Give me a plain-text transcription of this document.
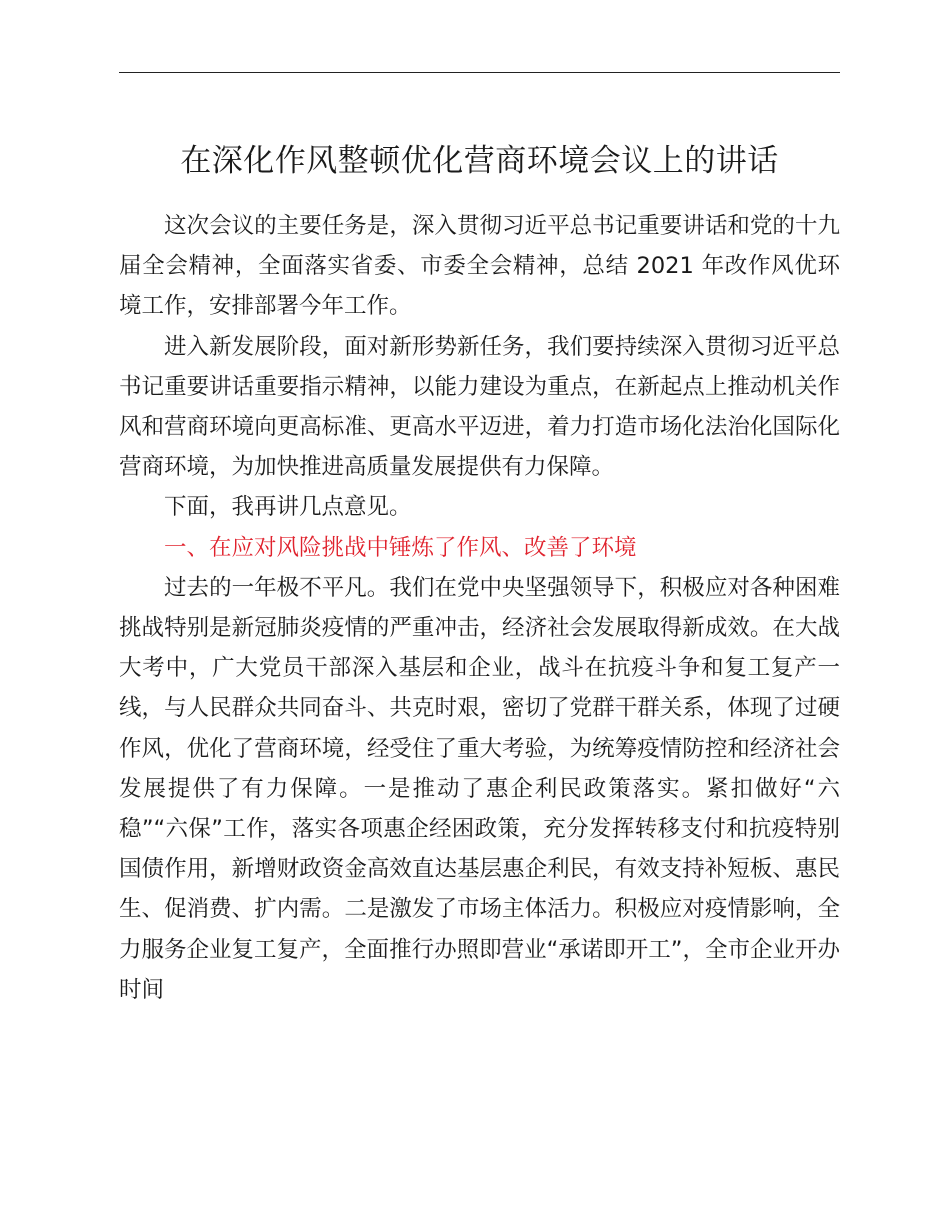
在深化作风整顿优化营商环境会议上的讲话

这次会议的主要任务是，深入贯彻习近平总书记重要讲话和党的十九届全会精神，全面落实省委、市委全会精神，总结 2021 年改作风优环境工作，安排部署今年工作。

进入新发展阶段，面对新形势新任务，我们要持续深入贯彻习近平总书记重要讲话重要指示精神，以能力建设为重点，在新起点上推动机关作风和营商环境向更高标准、更高水平迈进，着力打造市场化法治化国际化营商环境，为加快推进高质量发展提供有力保障。

下面，我再讲几点意见。

一、在应对风险挑战中锤炼了作风、改善了环境

过去的一年极不平凡。我们在党中央坚强领导下，积极应对各种困难挑战特别是新冠肺炎疫情的严重冲击，经济社会发展取得新成效。在大战大考中，广大党员干部深入基层和企业，战斗在抗疫斗争和复工复产一线，与人民群众共同奋斗、共克时艰，密切了党群干群关系，体现了过硬作风，优化了营商环境，经受住了重大考验，为统筹疫情防控和经济社会发展提供了有力保障。一是推动了惠企利民政策落实。紧扣做好“六稳”“六保”工作，落实各项惠企经困政策，充分发挥转移支付和抗疫特别国债作用，新增财政资金高效直达基层惠企利民，有效支持补短板、惠民生、促消费、扩内需。二是激发了市场主体活力。积极应对疫情影响，全力服务企业复工复产，全面推行办照即营业“承诺即开工”，全市企业开办时间
